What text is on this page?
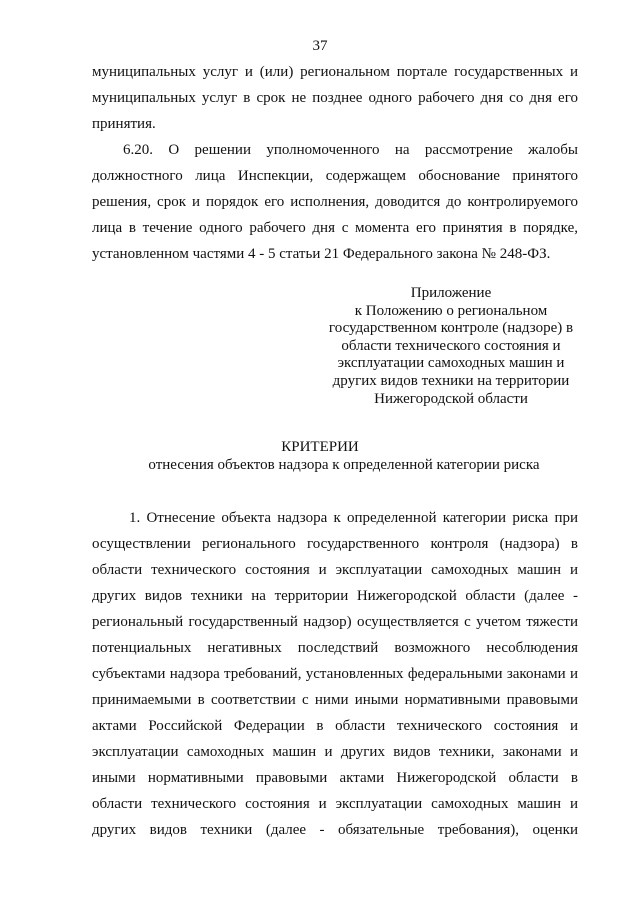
37
муниципальных услуг и (или) региональном портале государственных и
муниципальных услуг в срок не позднее одного рабочего дня со дня его
принятия.
6.20. О решении уполномоченного на рассмотрение жалобы
должностного лица Инспекции, содержащем обоснование принятого
решения, срок и порядок его исполнения, доводится до контролируемого
лица в течение одного рабочего дня с момента его принятия в порядке,
установленном частями 4 - 5 статьи 21 Федерального закона № 248-ФЗ.
1. Отнесение объекта надзора к определенной категории риска при
осуществлении регионального государственного контроля (надзора) в
области технического состояния и эксплуатации самоходных машин и
других видов техники на территории Нижегородской области (далее -
региональный государственный надзор) осуществляется с учетом тяжести
потенциальных негативных последствий возможного несоблюдения
субъектами надзора требований, установленных федеральными законами и
принимаемыми в соответствии с ними иными нормативными правовыми
актами Российской Федерации в области технического состояния и
эксплуатации самоходных машин и других видов техники, законами и
иными нормативными правовыми актами Нижегородской области в
области технического состояния и эксплуатации самоходных машин и
других видов техники (далее - обязательные требования), оценки
Приложение
к Положению о региональном
государственном контроле (надзоре) в
области технического состояния и
эксплуатации самоходных машин и
других видов техники на территории
Нижегородской области
КРИТЕРИИ
отнесения объектов надзора к определенной категории риска
